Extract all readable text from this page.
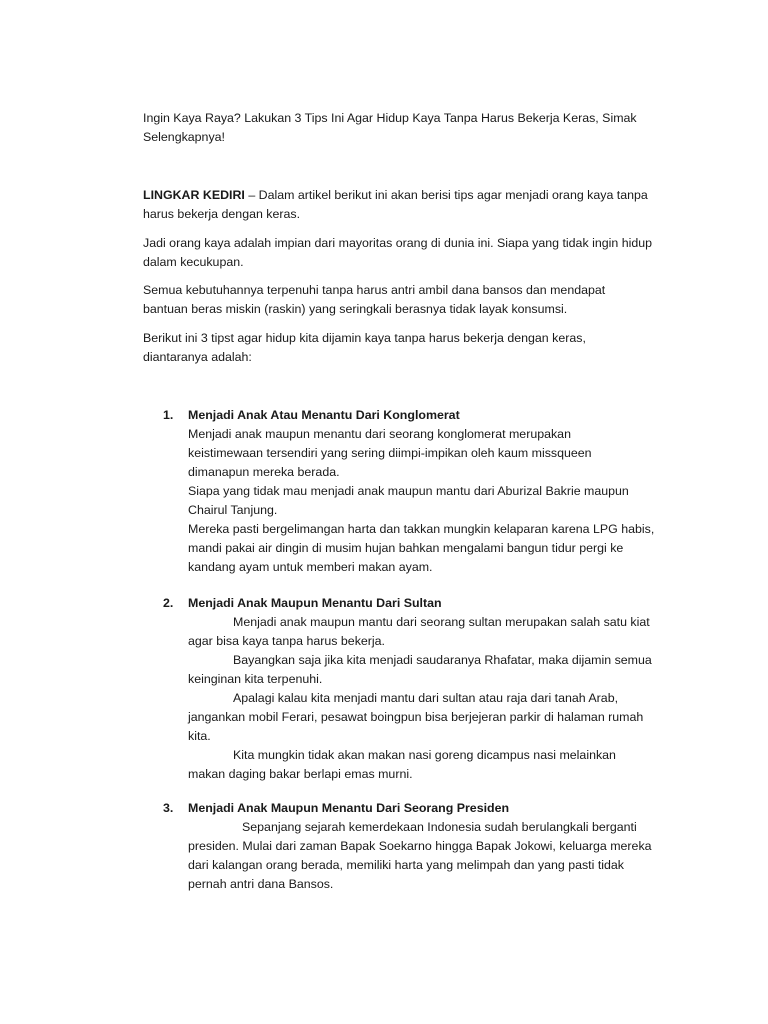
Ingin Kaya Raya? Lakukan 3 Tips Ini Agar Hidup Kaya Tanpa Harus Bekerja Keras, Simak
Selengkapnya!
LINGKAR KEDIRI – Dalam artikel berikut ini akan berisi tips agar menjadi orang kaya tanpa
harus bekerja dengan keras.
Jadi orang kaya adalah impian dari mayoritas orang di dunia ini. Siapa yang tidak ingin hidup
dalam kecukupan.
Semua kebutuhannya terpenuhi tanpa harus antri ambil dana bansos dan mendapat
bantuan beras miskin (raskin) yang seringkali berasnya tidak layak konsumsi.
Berikut ini 3 tipst agar hidup kita dijamin kaya tanpa harus bekerja dengan keras,
diantaranya adalah:
1. Menjadi Anak Atau Menantu Dari Konglomerat
Menjadi anak maupun menantu dari seorang konglomerat merupakan
keistimewaan tersendiri yang sering diimpi-impikan oleh kaum missqueen
dimanapun mereka berada.
Siapa yang tidak mau menjadi anak maupun mantu dari Aburizal Bakrie maupun
Chairul Tanjung.
Mereka pasti bergelimangan harta dan takkan mungkin kelaparan karena LPG habis,
mandi pakai air dingin di musim hujan bahkan mengalami bangun tidur pergi ke
kandang ayam untuk memberi makan ayam.
2. Menjadi Anak Maupun Menantu Dari Sultan
Menjadi anak maupun mantu dari seorang sultan merupakan salah satu kiat
agar bisa kaya tanpa harus bekerja.
Bayangkan saja jika kita menjadi saudaranya Rhafatar, maka dijamin semua
keinginan kita terpenuhi.
Apalagi kalau kita menjadi mantu dari sultan atau raja dari tanah Arab,
jangankan mobil Ferari, pesawat boingpun bisa berjejeran parkir di halaman rumah
kita.
Kita mungkin tidak akan makan nasi goreng dicampus nasi melainkan
makan daging bakar berlapi emas murni.
3. Menjadi Anak Maupun Menantu Dari Seorang Presiden
Sepanjang sejarah kemerdekaan Indonesia sudah berulangkali berganti
presiden. Mulai dari zaman Bapak Soekarno hingga Bapak Jokowi, keluarga mereka
dari kalangan orang berada, memiliki harta yang melimpah dan yang pasti tidak
pernah antri dana Bansos.
